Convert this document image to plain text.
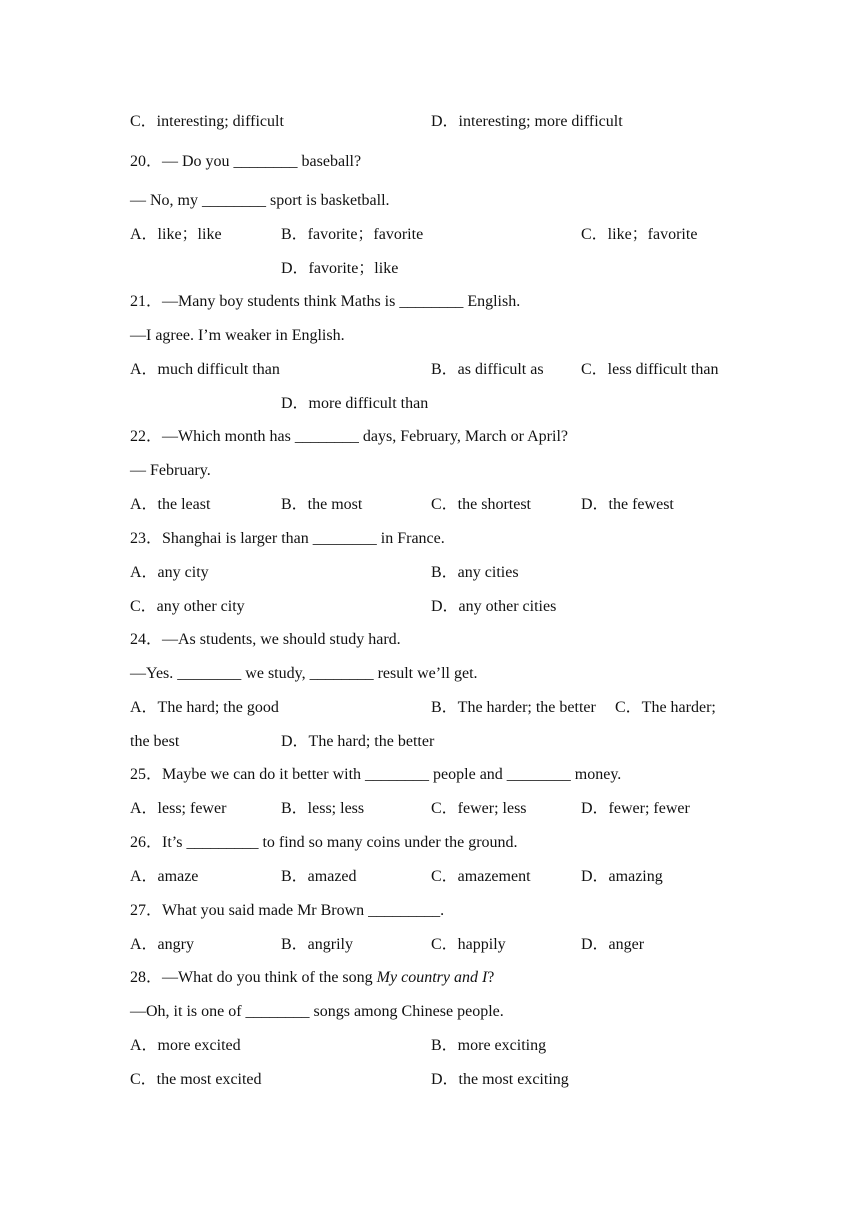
C．interesting; difficult	D．interesting; more difficult
20．— Do you ________ baseball?
— No, my ________ sport is basketball.
A．like；like	B．favorite；favorite	C．like；favorite
D．favorite；like
21．—Many boy students think Maths is ________ English.
—I agree. I’m weaker in English.
A．much difficult than	B．as difficult as C．less difficult than
D．more difficult than
22．—Which month has ________ days, February, March or April?
— February.
A．the least	B．the most	C．the shortest	D．the fewest
23．Shanghai is larger than ________ in France.
A．any city	B．any cities
C．any other city	D．any other cities
24．—As students, we should study hard.
—Yes. ________ we study, ________ result we’ll get.
A．The hard; the good	B．The harder; the better C．The harder;
the best	D．The hard; the better
25．Maybe we can do it better with ________ people and ________ money.
A．less; fewer	B．less; less	C．fewer; less	D．fewer; fewer
26．It’s _________ to find so many coins under the ground.
A．amaze	B．amazed	C．amazement	D．amazing
27．What you said made Mr Brown _________.
A．angry	B．angrily	C．happily	D．anger
28．—What do you think of the song My country and I?
—Oh, it is one of ________ songs among Chinese people.
A．more excited	B．more exciting
C．the most excited	D．the most exciting
